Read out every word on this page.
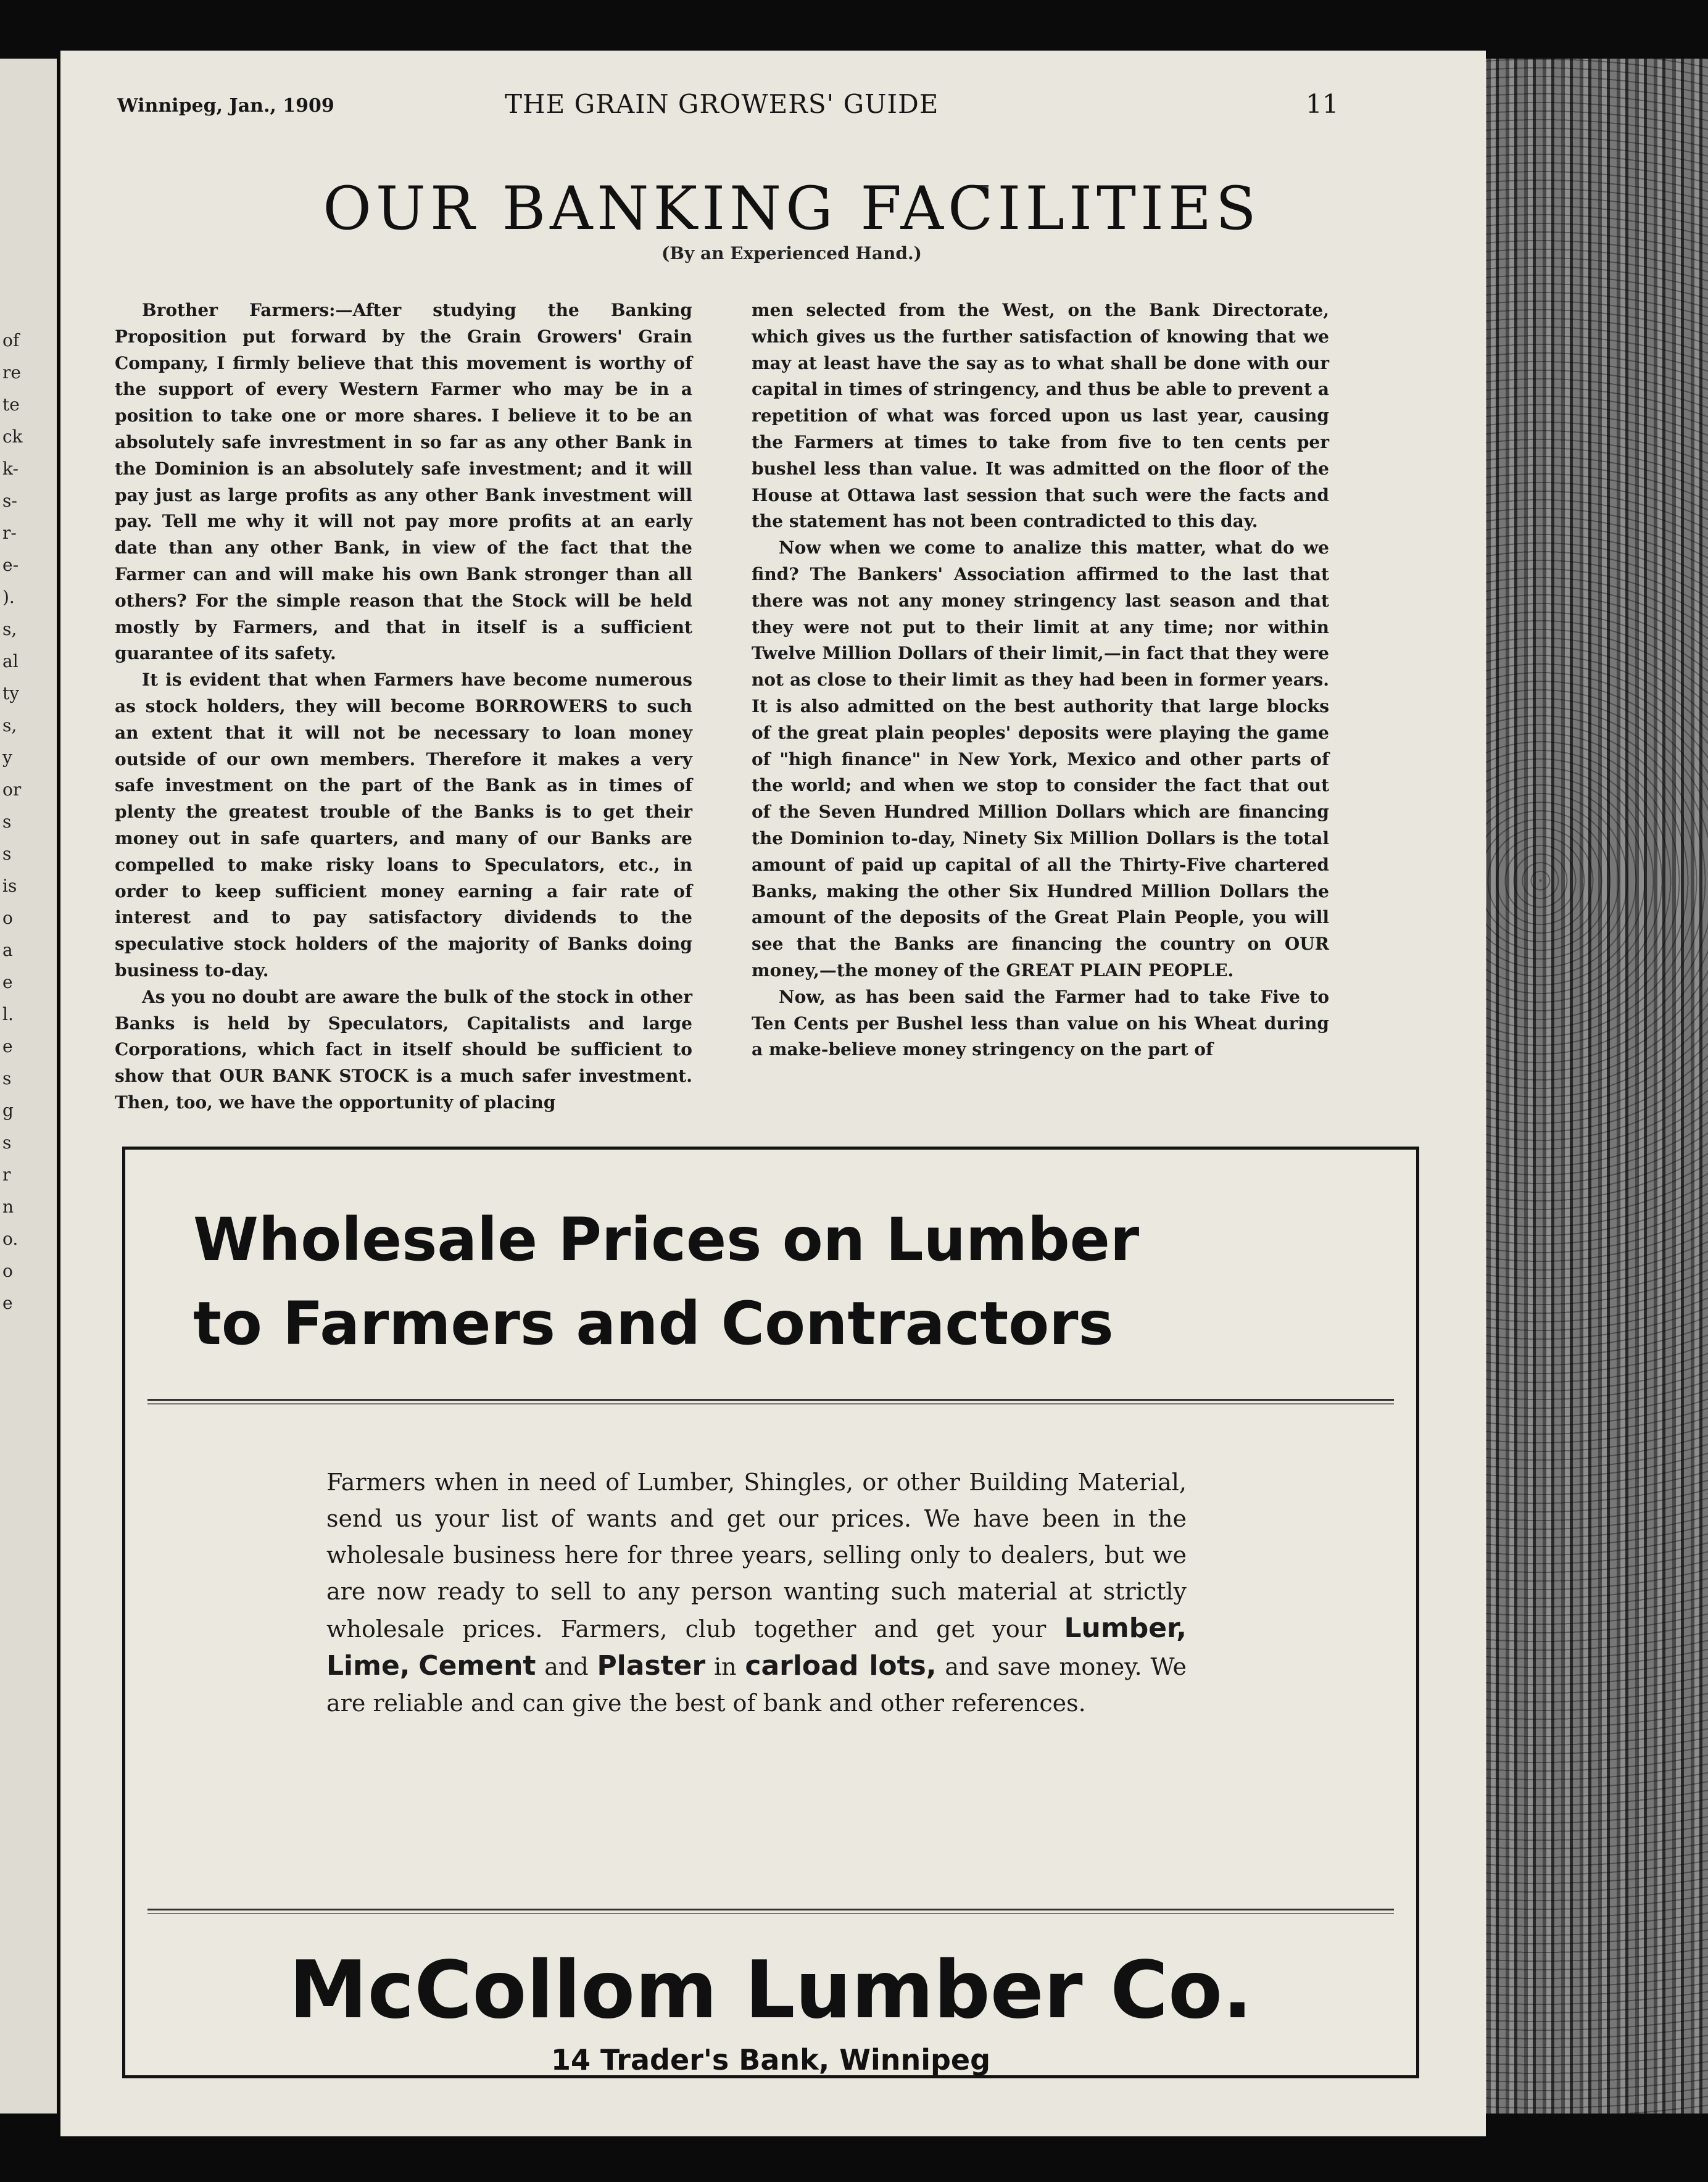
of
re
te
ck
k-
s-
r-
e-
).
s,
al
ty
s,
y
or
s
s
is
o
a
e
l.
e
s
g
s
r
n
o.
o
e
Winnipeg, Jan., 1909	THE GRAIN GROWERS' GUIDE	11
OUR BANKING FACILITIES
(By an Experienced Hand.)

Brother Farmers:—After studying the Banking Proposition put forward by the Grain Growers' Grain Company, I firmly believe that this movement is worthy of the support of every Western Farmer who may be in a position to take one or more shares. I believe it to be an absolutely safe invrestment in so far as any other Bank in the Dominion is an absolutely safe investment; and it will pay just as large profits as any other Bank investment will pay. Tell me why it will not pay more profits at an early date than any other Bank, in view of the fact that the Farmer can and will make his own Bank stronger than all others? For the simple reason that the Stock will be held mostly by Farmers, and that in itself is a sufficient guarantee of its safety.

It is evident that when Farmers have become numerous as stock holders, they will become BORROWERS to such an extent that it will not be necessary to loan money outside of our own members. Therefore it makes a very safe investment on the part of the Bank as in times of plenty the greatest trouble of the Banks is to get their money out in safe quarters, and many of our Banks are compelled to make risky loans to Speculators, etc., in order to keep sufficient money earning a fair rate of interest and to pay satisfactory dividends to the speculative stock holders of the majority of Banks doing business to-day.

As you no doubt are aware the bulk of the stock in other Banks is held by Speculators, Capitalists and large Corporations, which fact in itself should be sufficient to show that OUR BANK STOCK is a much safer investment. Then, too, we have the opportunity of placing

men selected from the West, on the Bank Directorate, which gives us the further satisfaction of knowing that we may at least have the say as to what shall be done with our capital in times of stringency, and thus be able to prevent a repetition of what was forced upon us last year, causing the Farmers at times to take from five to ten cents per bushel less than value. It was admitted on the floor of the House at Ottawa last session that such were the facts and the statement has not been contradicted to this day.

Now when we come to analize this matter, what do we find? The Bankers' Association affirmed to the last that there was not any money stringency last season and that they were not put to their limit at any time; nor within Twelve Million Dollars of their limit,—in fact that they were not as close to their limit as they had been in former years. It is also admitted on the best authority that large blocks of the great plain peoples' deposits were playing the game of "high finance" in New York, Mexico and other parts of the world; and when we stop to consider the fact that out of the Seven Hundred Million Dollars which are financing the Dominion to-day, Ninety Six Million Dollars is the total amount of paid up capital of all the Thirty-Five chartered Banks, making the other Six Hundred Million Dollars the amount of the deposits of the Great Plain People, you will see that the Banks are financing the country on OUR money,—the money of the GREAT PLAIN PEOPLE.

Now, as has been said the Farmer had to take Five to Ten Cents per Bushel less than value on his Wheat during a make-believe money stringency on the part of

Wholesale Prices on Lumber
to Farmers and Contractors
Farmers when in need of Lumber, Shingles, or other Building Material, send us your list of wants and get our prices. We have been in the wholesale business here for three years, selling only to dealers, but we are now ready to sell to any person wanting such material at strictly wholesale prices. Farmers, club together and get your Lumber, Lime, Cement and Plaster in carload lots, and save money. We are reliable and can give the best of bank and other references.
McCollom Lumber Co.
14 Trader's Bank, Winnipeg
